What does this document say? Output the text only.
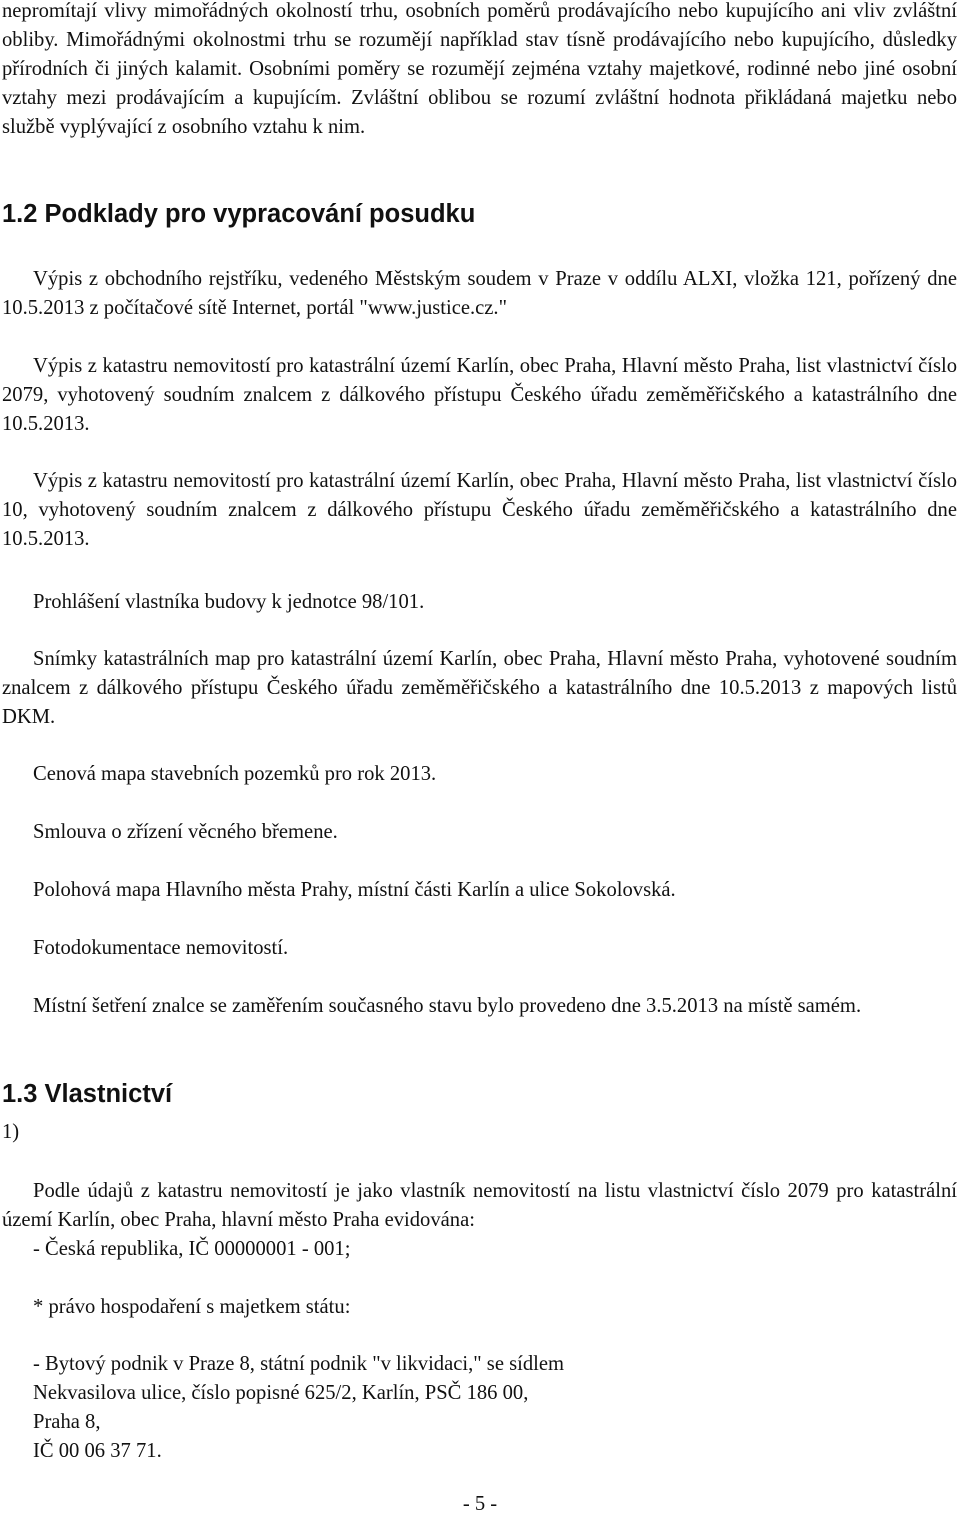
nepromítají vlivy mimořádných okolností trhu, osobních poměrů prodávajícího nebo kupujícího ani vliv zvláštní obliby. Mimořádnými okolnostmi trhu se rozumějí například stav tísně prodávajícího nebo kupujícího, důsledky přírodních či jiných kalamit. Osobními poměry se rozumějí zejména vztahy majetkové, rodinné nebo jiné osobní vztahy mezi prodávajícím a kupujícím. Zvláštní oblibou se rozumí zvláštní hodnota přikládaná majetku nebo službě vyplývající z osobního vztahu k nim.

1.2 Podklady pro vypracování posudku

Výpis z obchodního rejstříku, vedeného Městským soudem v Praze v oddílu ALXI, vložka 121, pořízený dne 10.5.2013 z počítačové sítě Internet, portál "www.justice.cz."

Výpis z katastru nemovitostí pro katastrální území Karlín, obec Praha, Hlavní město Praha, list vlastnictví číslo 2079, vyhotovený soudním znalcem z dálkového přístupu Českého úřadu zeměměřičského a katastrálního dne 10.5.2013.

Výpis z katastru nemovitostí pro katastrální území Karlín, obec Praha, Hlavní město Praha, list vlastnictví číslo 10, vyhotovený soudním znalcem z dálkového přístupu Českého úřadu zeměměřičského a katastrálního dne 10.5.2013.

Prohlášení vlastníka budovy k jednotce 98/101.

Snímky katastrálních map pro katastrální území Karlín, obec Praha, Hlavní město Praha, vyhotovené soudním znalcem z dálkového přístupu Českého úřadu zeměměřičského a katastrálního dne 10.5.2013 z mapových listů DKM.

Cenová mapa stavebních pozemků pro rok 2013.

Smlouva o zřízení věcného břemene.

Polohová mapa Hlavního města Prahy, místní části Karlín a ulice Sokolovská.

Fotodokumentace nemovitostí.

Místní šetření znalce se zaměřením současného stavu bylo provedeno dne 3.5.2013 na místě samém.

1.3 Vlastnictví

1)

Podle údajů z katastru nemovitostí je jako vlastník nemovitostí na listu vlastnictví číslo 2079 pro katastrální území Karlín, obec Praha, hlavní město Praha evidována:

- Česká republika, IČ 00000001 - 001;

* právo hospodaření s majetkem státu:

- Bytový podnik v Praze 8, státní podnik "v likvidaci," se sídlem

Nekvasilova ulice, číslo popisné 625/2, Karlín, PSČ 186 00,

Praha 8,

IČ 00 06 37 71.

- 5 -
